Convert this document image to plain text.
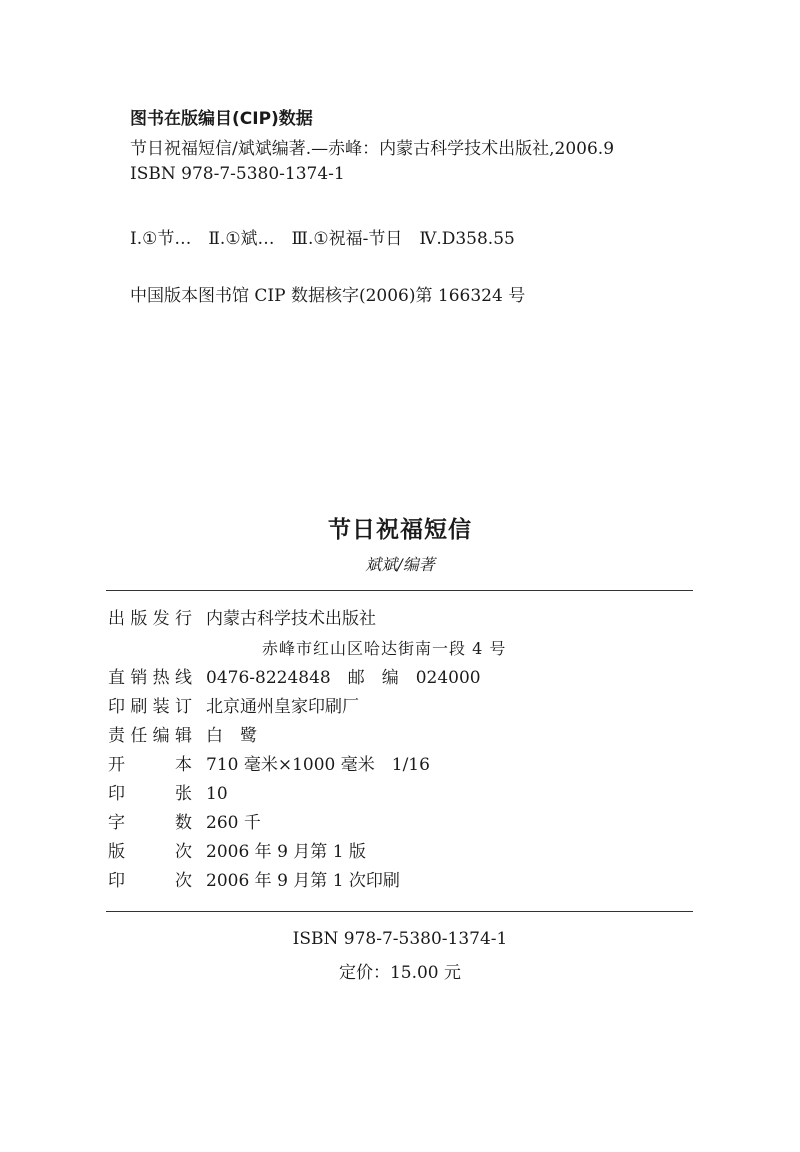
图书在版编目(CIP)数据
节日祝福短信/斌斌编著.—赤峰：内蒙古科学技术出版社,2006.9
ISBN 978-7-5380-1374-1
Ⅰ.①节…　Ⅱ.①斌…　Ⅲ.①祝福-节日　Ⅳ.D358.55
中国版本图书馆 CIP 数据核字(2006)第 166324 号
节日祝福短信
斌斌/编著
出版发行 内蒙古科学技术出版社
赤峰市红山区哈达街南一段 4 号
直销热线 0476-8224848　邮　编　024000
印刷装订 北京通州皇家印刷厂
责任编辑 白　鹭
开本 710 毫米×1000 毫米　1/16
印张 10
字数 260 千
版次 2006 年 9 月第 1 版
印次 2006 年 9 月第 1 次印刷
ISBN 978-7-5380-1374-1
定价：15.00 元
